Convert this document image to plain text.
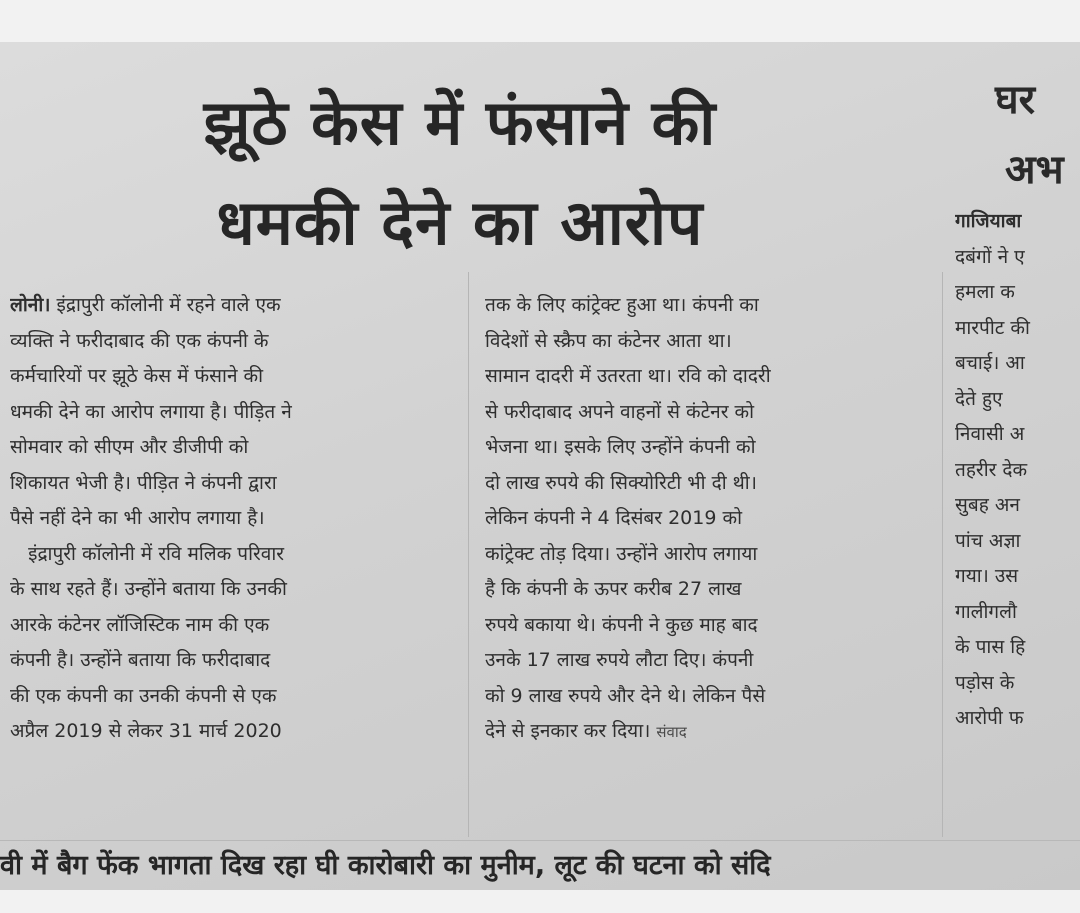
झूठे केस में फंसाने की
धमकी देने का आरोप
घर
अभ
लोनी। इंद्रापुरी कॉलोनी में रहने वाले एक
व्यक्ति ने फरीदाबाद की एक कंपनी के
कर्मचारियों पर झूठे केस में फंसाने की
धमकी देने का आरोप लगाया है। पीड़ित ने
सोमवार को सीएम और डीजीपी को
शिकायत भेजी है। पीड़ित ने कंपनी द्वारा
पैसे नहीं देने का भी आरोप लगाया है।
इंद्रापुरी कॉलोनी में रवि मलिक परिवार
के साथ रहते हैं। उन्होंने बताया कि उनकी
आरके कंटेनर लॉजिस्टिक नाम की एक
कंपनी है। उन्होंने बताया कि फरीदाबाद
की एक कंपनी का उनकी कंपनी से एक
अप्रैल 2019 से लेकर 31 मार्च 2020
तक के लिए कांट्रेक्ट हुआ था। कंपनी का
विदेशों से स्क्रैप का कंटेनर आता था।
सामान दादरी में उतरता था। रवि को दादरी
से फरीदाबाद अपने वाहनों से कंटेनर को
भेजना था। इसके लिए उन्होंने कंपनी को
दो लाख रुपये की सिक्योरिटी भी दी थी।
लेकिन कंपनी ने 4 दिसंबर 2019 को
कांट्रेक्ट तोड़ दिया। उन्होंने आरोप लगाया
है कि कंपनी के ऊपर करीब 27 लाख
रुपये बकाया थे। कंपनी ने कुछ माह बाद
उनके 17 लाख रुपये लौटा दिए। कंपनी
को 9 लाख रुपये और देने थे। लेकिन पैसे
देने से इनकार कर दिया। संवाद
गाजियाबा
दबंगों ने ए
हमला क
मारपीट की
बचाई। आ
देते हुए
निवासी अ
तहरीर देक
सुबह अन
पांच अज्ञा
गया। उस
गालीगलौ
के पास हि
पड़ोस के
आरोपी फ
वी में बैग फेंक भागता दिख रहा घी कारोबारी का मुनीम, लूट की घटना को संदि
